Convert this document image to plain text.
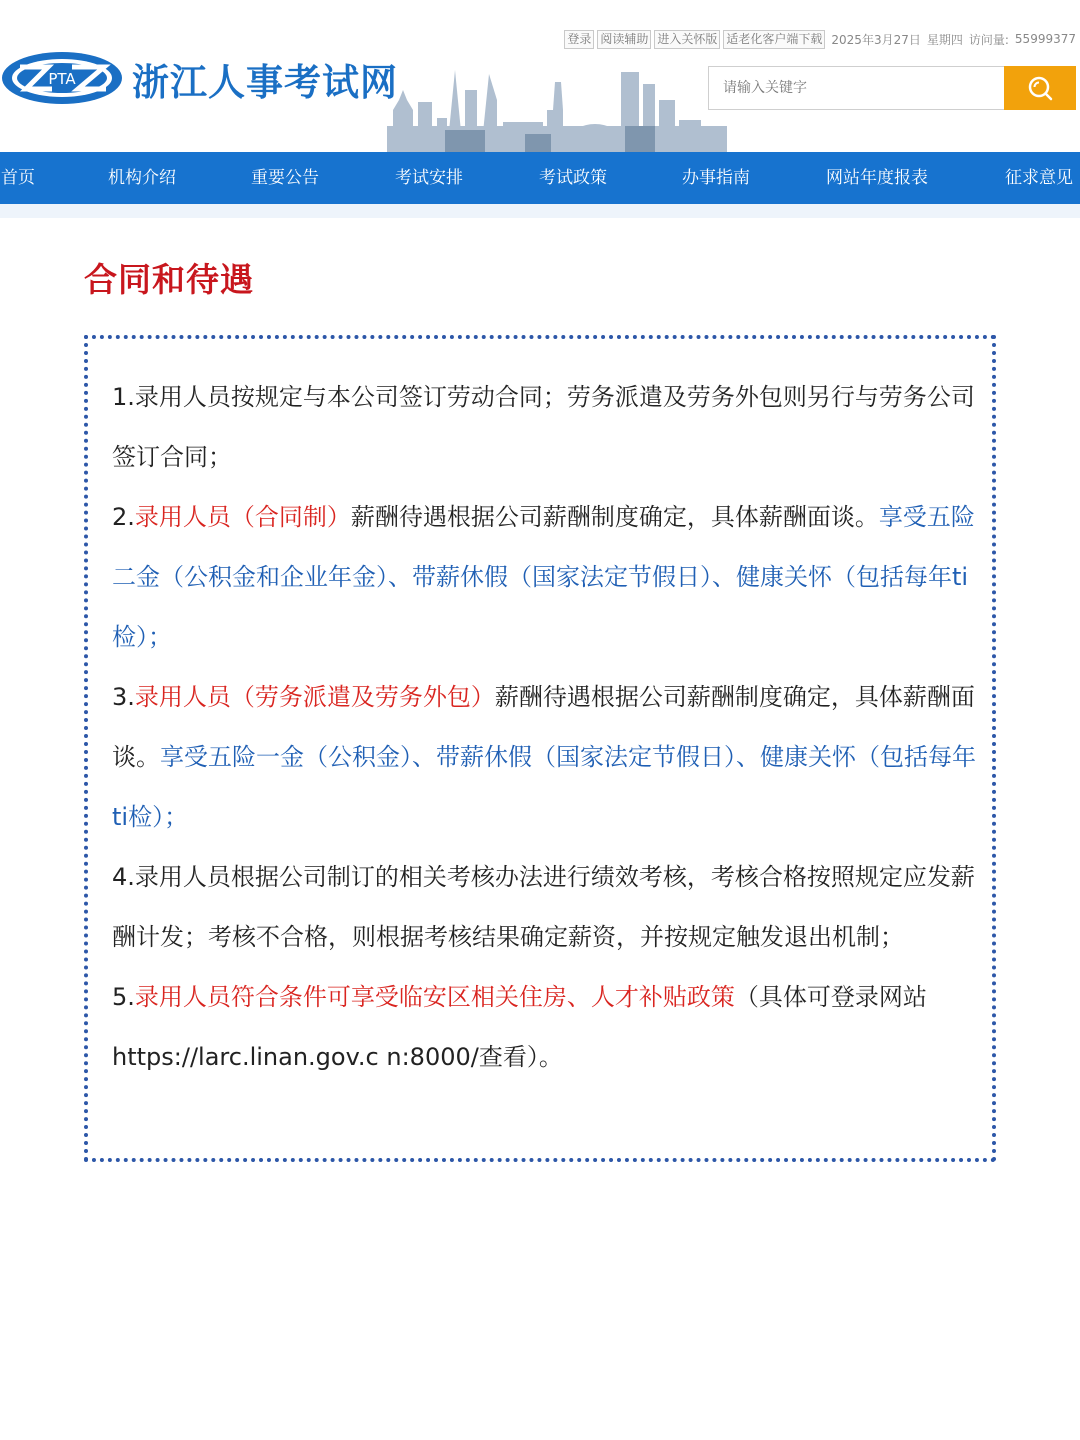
登录 阅读辅助 进入关怀版 适老化客户端下载 2025年3月27日 星期四 访问量: 55999377
PTA 浙江人事考试网
请输入关键字
首页	机构介绍	重要公告	考试安排	考试政策	办事指南	网站年度报表	征求意见
合同和待遇

1.录用人员按规定与本公司签订劳动合同；劳务派遣及劳务外包则另行与劳务公司签订合同；

2.录用人员（合同制）薪酬待遇根据公司薪酬制度确定，具体薪酬面谈。享受五险二金（公积金和企业年金）、带薪休假（国家法定节假日）、健康关怀（包括每年ti检）；

3.录用人员（劳务派遣及劳务外包）薪酬待遇根据公司薪酬制度确定，具体薪酬面谈。享受五险一金（公积金）、带薪休假（国家法定节假日）、健康关怀（包括每年ti检）；

4.录用人员根据公司制订的相关考核办法进行绩效考核，考核合格按照规定应发薪酬计发；考核不合格，则根据考核结果确定薪资，并按规定触发退出机制；

5.录用人员符合条件可享受临安区相关住房、人才补贴政策（具体可登录网站https://larc.linan.gov.c n:8000/查看）。
